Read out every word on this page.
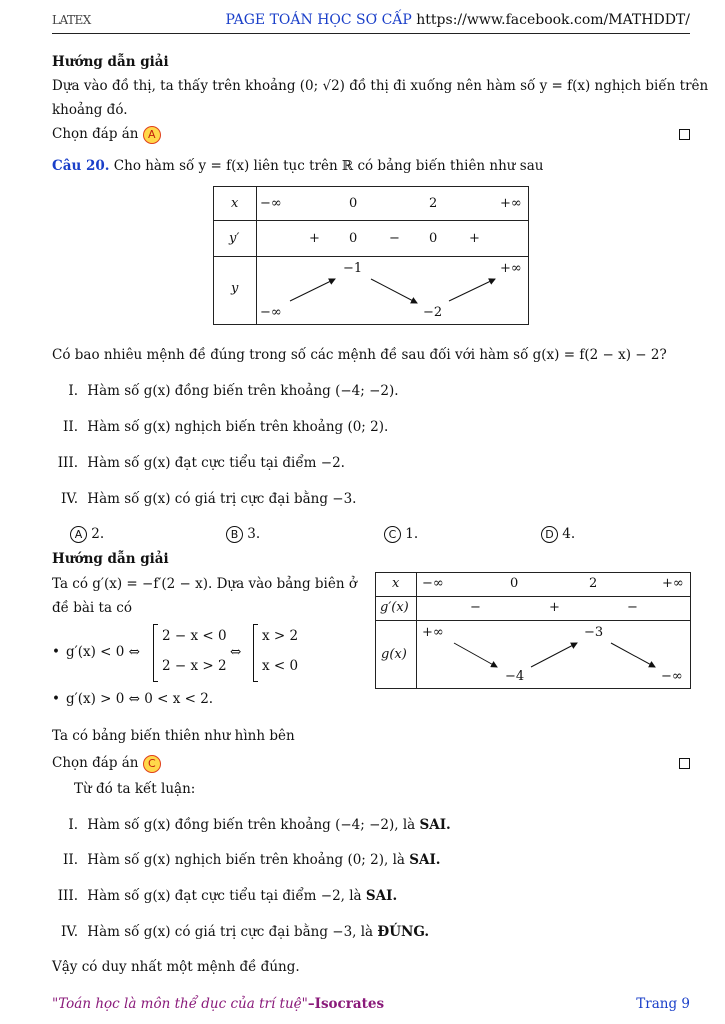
LATEX	PAGE TOÁN HỌC SƠ CẤP https://www.facebook.com/MATHDDT/
Hướng dẫn giải
Dựa vào đồ thị, ta thấy trên khoảng (0; √2) đồ thị đi xuống nên hàm số y = f(x) nghịch biến trên
khoảng đó.
Chọn đáp án A
Câu 20. Cho hàm số y = f(x) liên tục trên ℝ có bảng biến thiên như sau
x	−∞ 0 2 +∞

y′	+ 0 − 0 +

y	−∞
−1
−2
+∞
Có bao nhiêu mệnh đề đúng trong số các mệnh đề sau đối với hàm số g(x) = f(2 − x) − 2?
I. Hàm số g(x) đồng biến trên khoảng (−4; −2).
II. Hàm số g(x) nghịch biến trên khoảng (0; 2).
III. Hàm số g(x) đạt cực tiểu tại điểm −2.
IV. Hàm số g(x) có giá trị cực đại bằng −3.
A 2.	B 3.	C 1.	D 4.
Hướng dẫn giải
Ta có g′(x) = −f′(2 − x). Dựa vào bảng biên ở
đề bài ta có
• g′(x) < 0 ⇔
2 − x < 0
2 − x > 2
⇔
x > 2
x < 0
• g′(x) > 0 ⇔ 0 < x < 2.
x	−∞ 0 2 +∞

g′(x)	− + −

g(x)	+∞
−4
−3
−∞
Ta có bảng biến thiên như hình bên
Chọn đáp án C
Từ đó ta kết luận:
I. Hàm số g(x) đồng biến trên khoảng (−4; −2), là SAI.
II. Hàm số g(x) nghịch biến trên khoảng (0; 2), là SAI.
III. Hàm số g(x) đạt cực tiểu tại điểm −2, là SAI.
IV. Hàm số g(x) có giá trị cực đại bằng −3, là ĐÚNG.
Vậy có duy nhất một mệnh đề đúng.
"Toán học là môn thể dục của trí tuệ"–Isocrates	Trang 9
